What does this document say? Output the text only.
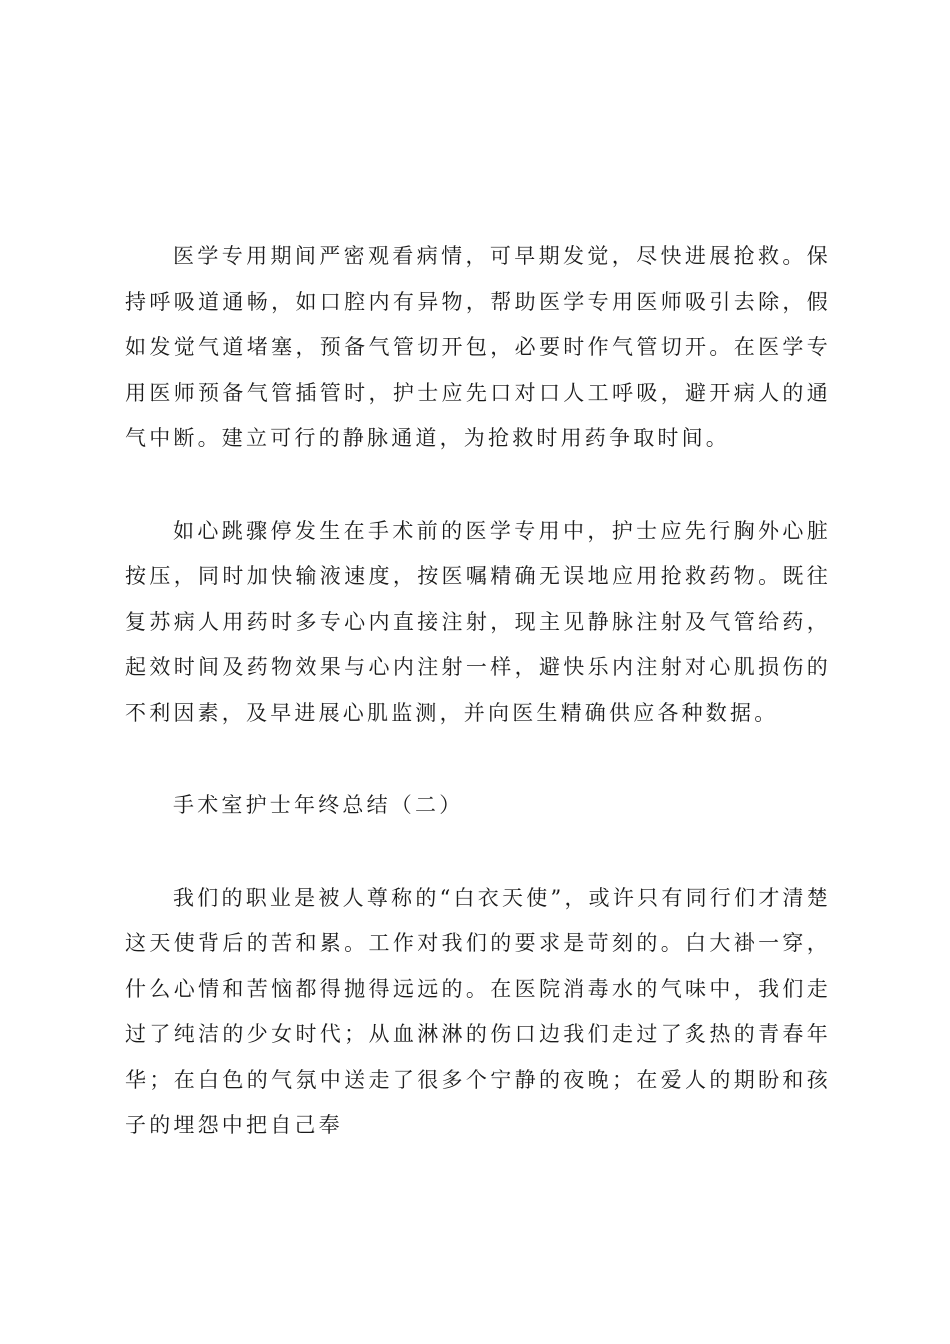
医学专用期间严密观看病情，可早期发觉，尽快进展抢救。保持呼吸道通畅，如口腔内有异物，帮助医学专用医师吸引去除，假如发觉气道堵塞，预备气管切开包，必要时作气管切开。在医学专用医师预备气管插管时，护士应先口对口人工呼吸，避开病人的通气中断。建立可行的静脉通道，为抢救时用药争取时间。

如心跳骤停发生在手术前的医学专用中，护士应先行胸外心脏按压，同时加快输液速度，按医嘱精确无误地应用抢救药物。既往复苏病人用药时多专心内直接注射，现主见静脉注射及气管给药，起效时间及药物效果与心内注射一样，避快乐内注射对心肌损伤的不利因素，及早进展心肌监测，并向医生精确供应各种数据。

手术室护士年终总结（二）

我们的职业是被人尊称的“白衣天使”，或许只有同行们才清楚这天使背后的苦和累。工作对我们的要求是苛刻的。白大褂一穿，什么心情和苦恼都得抛得远远的。在医院消毒水的气味中，我们走过了纯洁的少女时代；从血淋淋的伤口边我们走过了炙热的青春年华；在白色的气氛中送走了很多个宁静的夜晚；在爱人的期盼和孩子的埋怨中把自己奉
